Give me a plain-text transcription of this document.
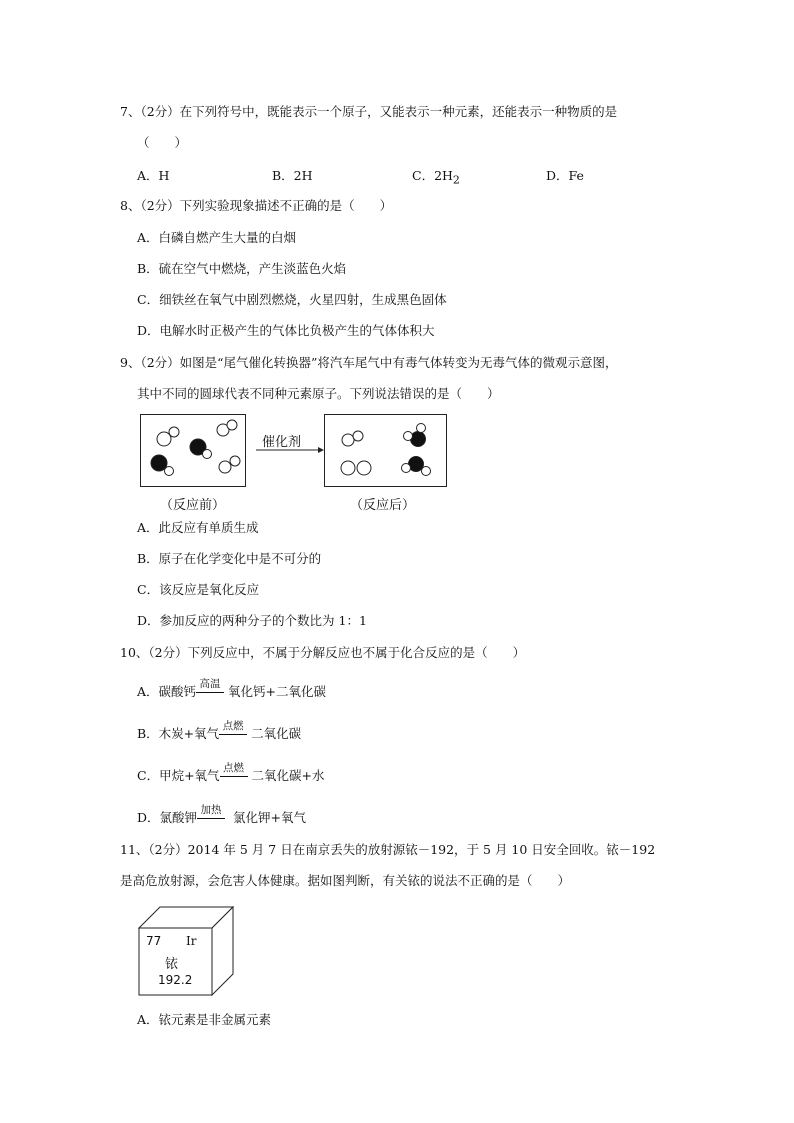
7、（2分）在下列符号中，既能表示一个原子，又能表示一种元素，还能表示一种物质的是
（　　）
A．H	B．2H	C．$2H_2$	D．Fe
8、（2分）下列实验现象描述不正确的是（　　）
A．白磷自燃产生大量的白烟
B．硫在空气中燃烧，产生淡蓝色火焰
C．细铁丝在氧气中剧烈燃烧，火星四射，生成黑色固体
D．电解水时正极产生的气体比负极产生的气体体积大
9、（2分）如图是“尾气催化转换器”将汽车尾气中有毒气体转变为无毒气体的微观示意图，
其中不同的圆球代表不同种元素原子。下列说法错误的是（　　）
催化剂
（反应前）	（反应后）
A．此反应有单质生成
B．原子在化学变化中是不可分的
C．该反应是氧化反应
D．参加反应的两种分子的个数比为 1：1
10、（2分）下列反应中，不属于分解反应也不属于化合反应的是（　　）
A．碳酸钙 高温 氧化钙+二氧化碳
B．木炭+氧气 点燃 二氧化碳
C．甲烷+氧气 点燃 二氧化碳+水
D．氯酸钾 加热 氯化钾+氧气
11、（2分）2014 年 5 月 7 日在南京丢失的放射源铱－192，于 5 月 10 日安全回收。铱－192
是高危放射源，会危害人体健康。据如图判断，有关铱的说法不正确的是（　　）
77 Ir
铱
192.2
A．铱元素是非金属元素
